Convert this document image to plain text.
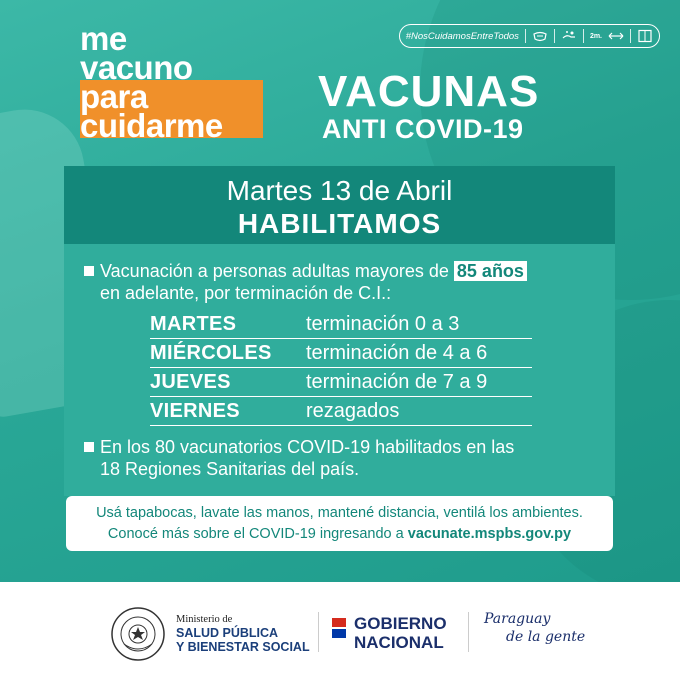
me
vacuno
para
cuidarme
#NosCuidamosEntreTodos	2m.
VACUNAS
ANTI COVID-19
Martes 13 de Abril
HABILITAMOS
Vacunación a personas adultas mayores de 85 años
en adelante, por terminación de C.I.:
MARTES	terminación 0 a 3
MIÉRCOLES	terminación de 4 a 6
JUEVES	terminación de 7 a 9
VIERNES	rezagados
En los 80 vacunatorios COVID-19 habilitados en las
18 Regiones Sanitarias del país.
Usá tapabocas, lavate las manos, mantené distancia, ventilá los ambientes.
Conocé más sobre el COVID-19 ingresando a vacunate.mspbs.gov.py
Ministerio de
SALUD PÚBLICA
Y BIENESTAR SOCIAL
GOBIERNO
NACIONAL
Paraguay
de la gente
